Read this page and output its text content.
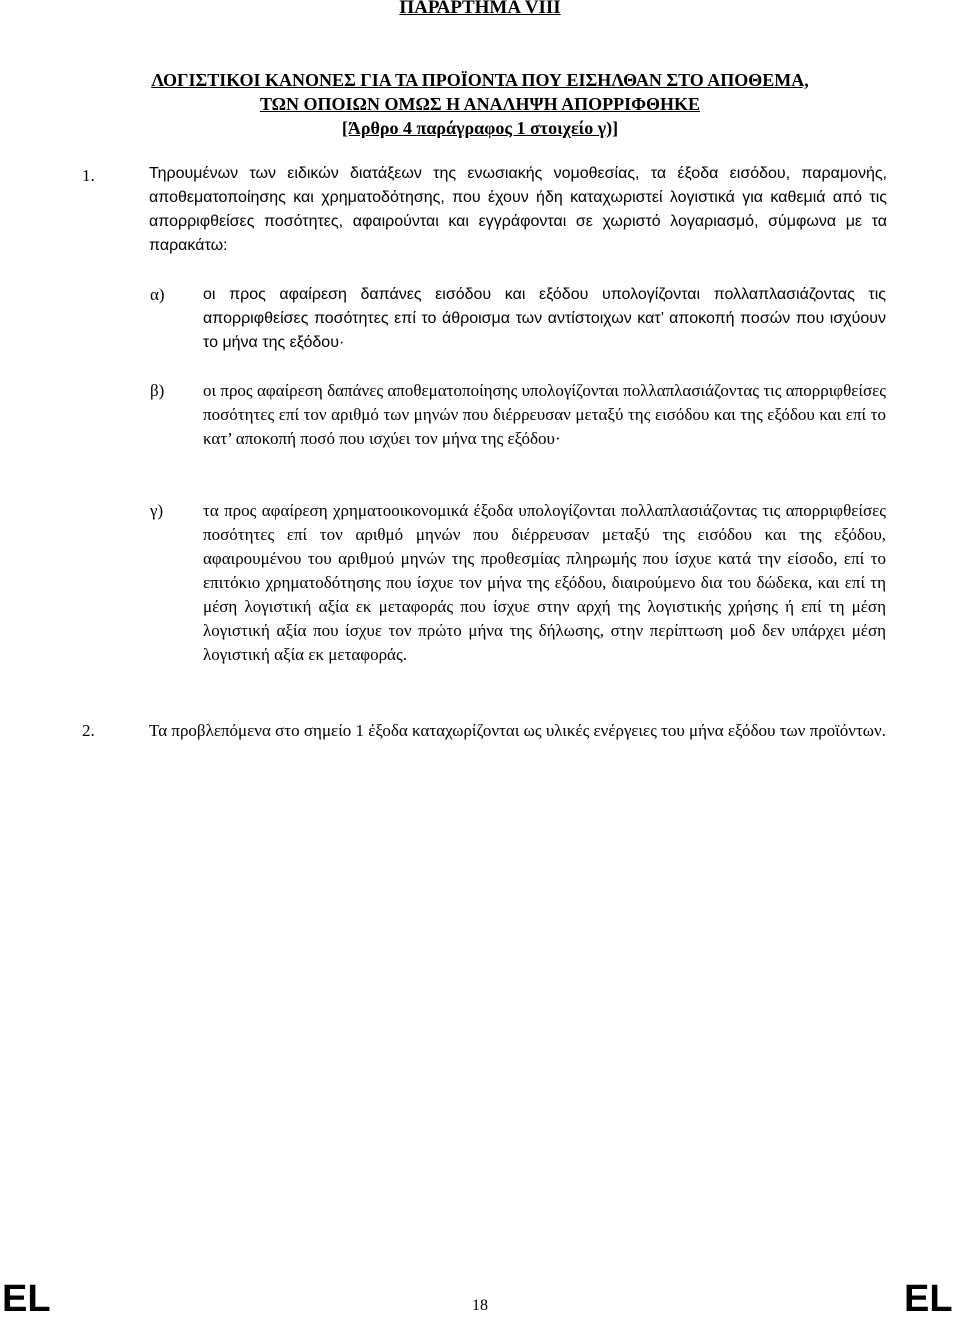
ΠΑΡΑΡΤΗΜΑ VIII
ΛΟΓΙΣΤΙΚΟΙ ΚΑΝΟΝΕΣ ΓΙΑ ΤΑ ΠΡΟΪΟΝΤΑ ΠΟΥ ΕΙΣΗΛΘΑΝ ΣΤΟ ΑΠΟΘΕΜΑ,
ΤΩΝ ΟΠΟΙΩΝ ΟΜΩΣ Η ΑΝΑΛΗΨΗ ΑΠΟΡΡΙΦΘΗΚΕ
[Άρθρο 4 παράγραφος 1 στοιχείο γ)]
1.	Τηρουμένων των ειδικών διατάξεων της ενωσιακής νομοθεσίας, τα έξοδα εισόδου, παραμονής, αποθεματοποίησης και χρηματοδότησης, που έχουν ήδη καταχωριστεί λογιστικά για καθεμιά από τις απορριφθείσες ποσότητες, αφαιρούνται και εγγράφονται σε χωριστό λογαριασμό, σύμφωνα με τα παρακάτω:
α) οι προς αφαίρεση δαπάνες εισόδου και εξόδου υπολογίζονται πολλαπλασιάζοντας τις απορριφθείσες ποσότητες επί το άθροισμα των αντίστοιχων κατ’ αποκοπή ποσών που ισχύουν το μήνα της εξόδου·
β) οι προς αφαίρεση δαπάνες αποθεματοποίησης υπολογίζονται πολλαπλασιάζοντας τις απορριφθείσες ποσότητες επί τον αριθμό των μηνών που διέρρευσαν μεταξύ της εισόδου και της εξόδου και επί το κατ’ αποκοπή ποσό που ισχύει τον μήνα της εξόδου·
γ) τα προς αφαίρεση χρηματοοικονομικά έξοδα υπολογίζονται πολλαπλασιάζοντας τις απορριφθείσες ποσότητες επί τον αριθμό μηνών που διέρρευσαν μεταξύ της εισόδου και της εξόδου, αφαιρουμένου του αριθμού μηνών της προθεσμίας πληρωμής που ίσχυε κατά την είσοδο, επί το επιτόκιο χρηματοδότησης που ίσχυε τον μήνα της εξόδου, διαιρούμενο δια του δώδεκα, και επί τη μέση λογιστική αξία εκ μεταφοράς που ίσχυε στην αρχή της λογιστικής χρήσης ή επί τη μέση λογιστική αξία που ίσχυε τον πρώτο μήνα της δήλωσης, στην περίπτωση μοδ δεν υπάρχει μέση λογιστική αξία εκ μεταφοράς.
2.	Τα προβλεπόμενα στο σημείο 1 έξοδα καταχωρίζονται ως υλικές ενέργειες του μήνα εξόδου των προϊόντων.
EL	18	EL
